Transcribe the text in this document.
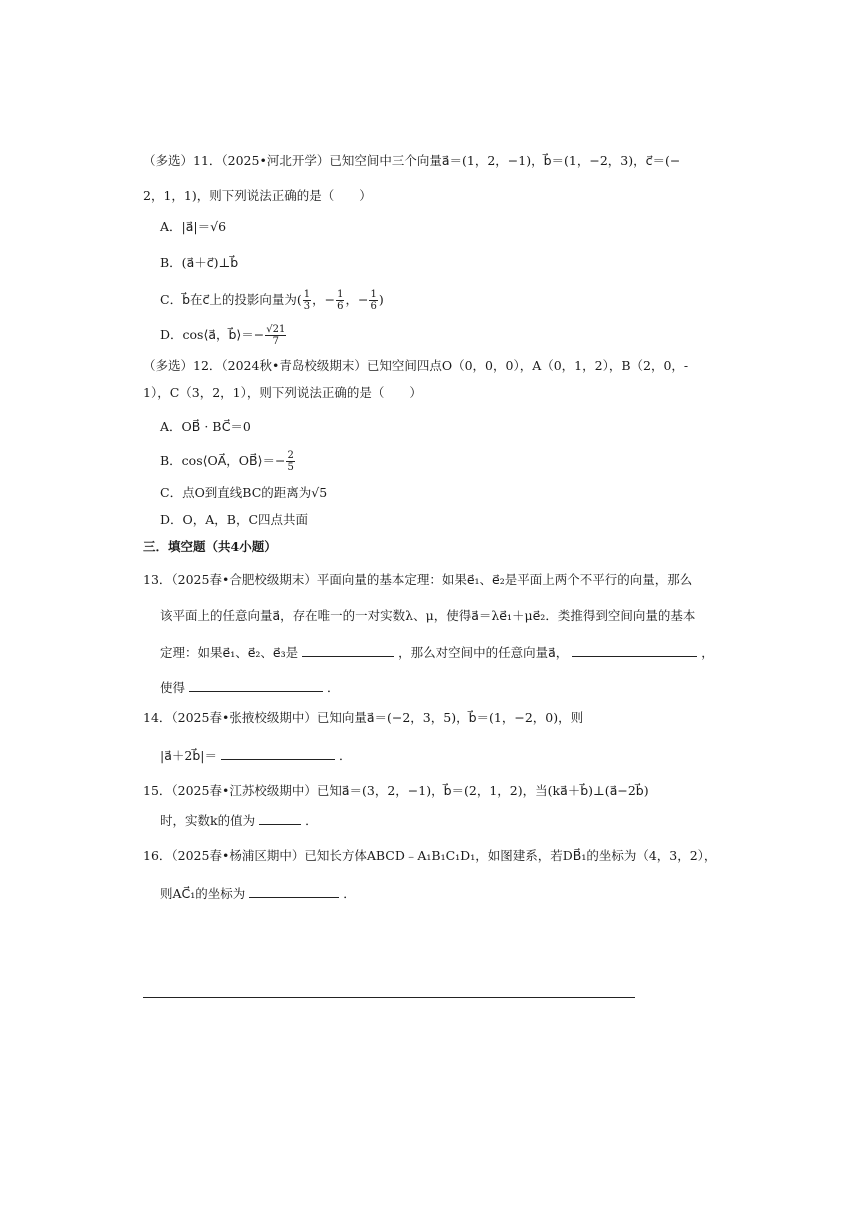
（多选）11．（2025•河北开学）已知空间中三个向量a⃗＝(1，2，−1)，b⃗＝(1，−2，3)，c⃗＝(−
2，1，1)，则下列说法正确的是（　　）
A．|a⃗|＝√6
B．(a⃗＋c⃗)⊥b⃗
C．b⃗在c⃗上的投影向量为( $\frac{1}{3}$ ，− $\frac{1}{6}$ ，− $\frac{1}{6}$ )
D．cos⟨a⃗，b⃗⟩＝− $\frac{√21}{7}$
（多选）12．（2024秋•青岛校级期末）已知空间四点O（0，0，0），A（0，1，2），B（2，0，-
1），C（3，2，1），则下列说法正确的是（　　）
A．OB⃗ · BC⃗＝0
B．cos⟨OA⃗，OB⃗⟩＝− $\frac{2}{5}$
C．点O到直线BC的距离为√5
D．O，A，B，C四点共面
三．填空题（共4小题）
13．（2025春•合肥校级期末）平面向量的基本定理：如果e⃗₁、e⃗₂是平面上两个不平行的向量，那么
该平面上的任意向量a⃗，存在唯一的一对实数λ、μ，使得a⃗＝λe⃗₁＋μe⃗₂．类推得到空间向量的基本
定理：如果e⃗₁、e⃗₂、e⃗₃是	，那么对空间中的任意向量a⃗，	，
使得	．
14．（2025春•张掖校级期中）已知向量a⃗＝(−2，3，5)，b⃗＝(1，−2，0)，则
|a⃗＋2b⃗|＝	．
15．（2025春•江苏校级期中）已知a⃗＝(3，2，−1)，b⃗＝(2，1，2)，当(ka⃗＋b⃗)⊥(a⃗−2b⃗)
时，实数k的值为	．
16．（2025春•杨浦区期中）已知长方体ABCD﹣A₁B₁C₁D₁，如图建系，若DB⃗₁的坐标为（4，3，2），
则AC⃗₁的坐标为	．
